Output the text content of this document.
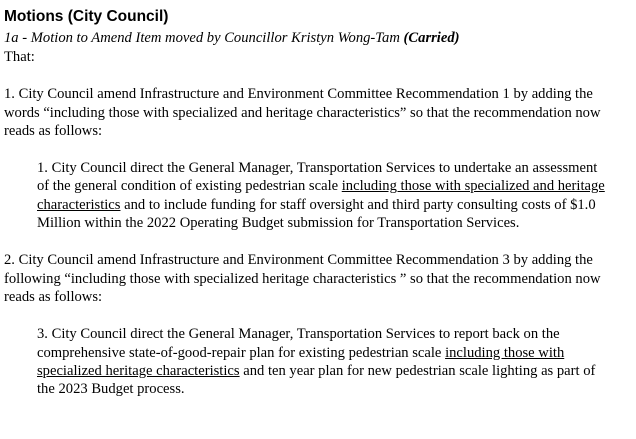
Motions (City Council)

1a - Motion to Amend Item moved by Councillor Kristyn Wong-Tam (Carried)

That:

1. City Council amend Infrastructure and Environment Committee Recommendation 1 by adding the words “including those with specialized and heritage characteristics” so that the recommendation now reads as follows:

1. City Council direct the General Manager, Transportation Services to undertake an assessment of the general condition of existing pedestrian scale including those with specialized and heritage characteristics and to include funding for staff oversight and third party consulting costs of $1.0 Million within the 2022 Operating Budget submission for Transportation Services.

2. City Council amend Infrastructure and Environment Committee Recommendation 3 by adding the following “including those with specialized heritage characteristics ” so that the recommendation now reads as follows:

3. City Council direct the General Manager, Transportation Services to report back on the comprehensive state-of-good-repair plan for existing pedestrian scale including those with specialized heritage characteristics and ten year plan for new pedestrian scale lighting as part of the 2023 Budget process.
